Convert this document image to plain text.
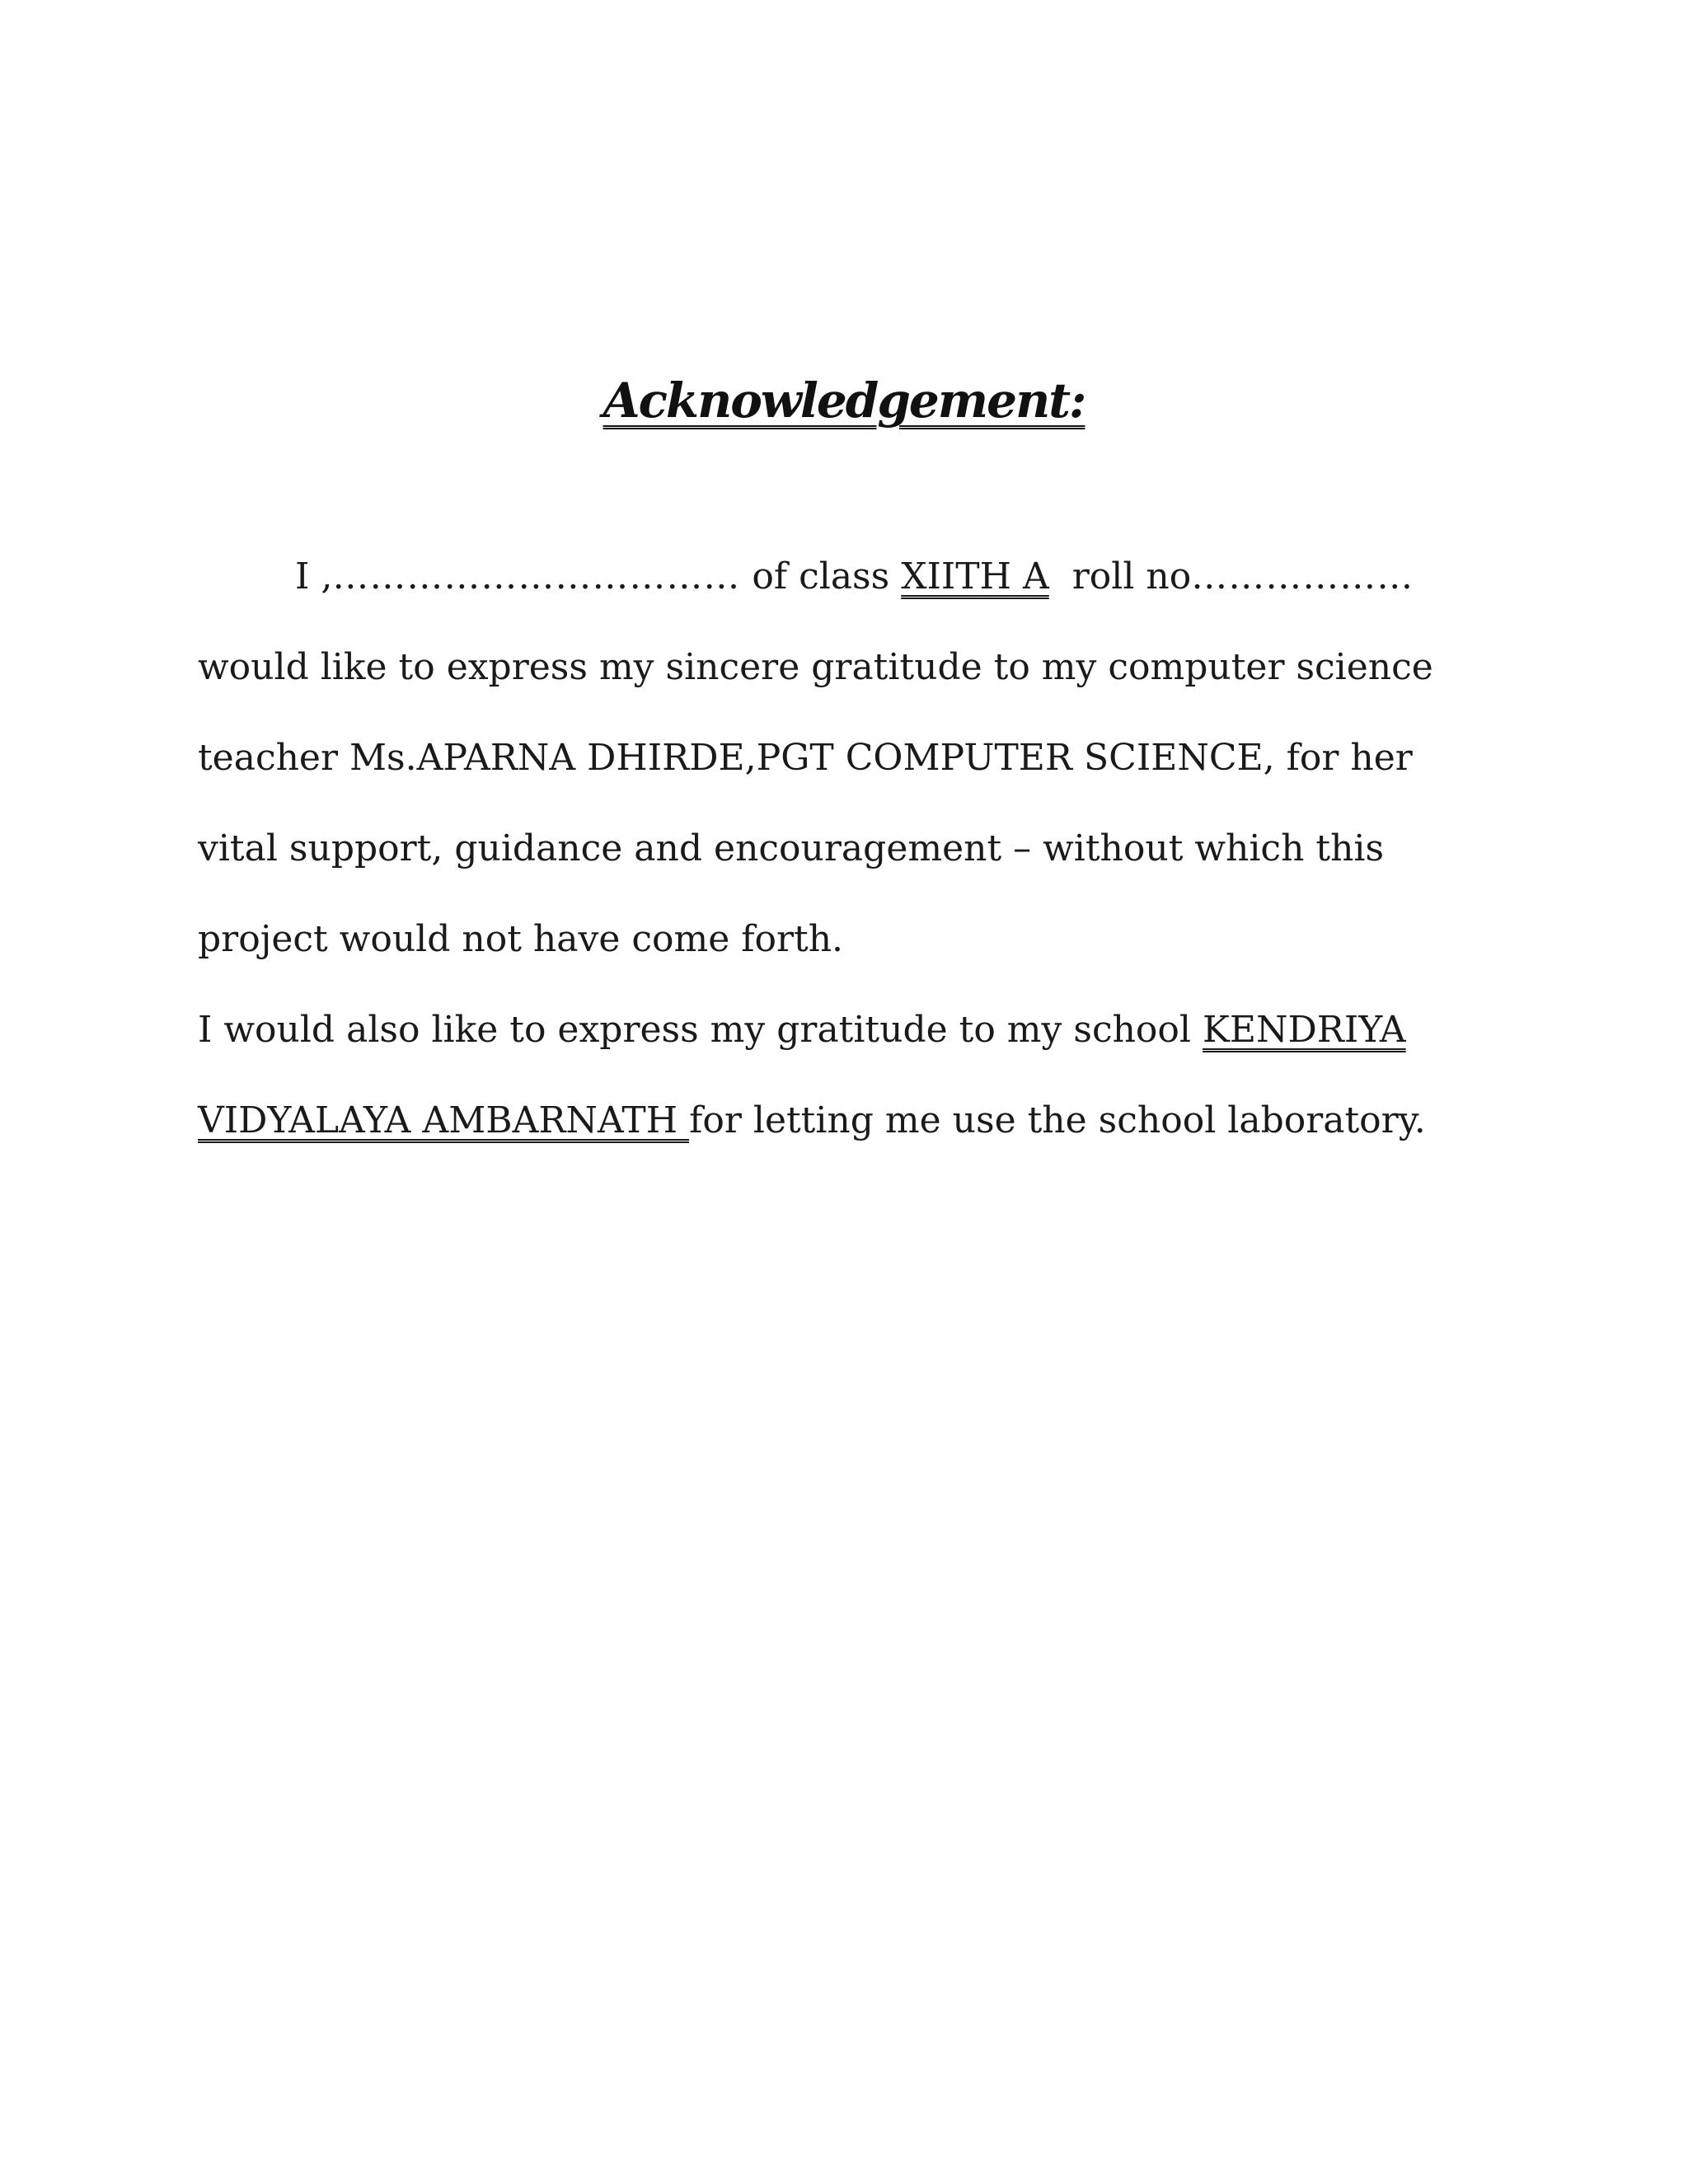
Acknowledgement:
I ,…………………………… of class XIITH A  roll no………………
would like to express my sincere gratitude to my computer science
teacher Ms.APARNA DHIRDE,PGT COMPUTER SCIENCE, for her
vital support, guidance and encouragement – without which this
project would not have come forth.
I would also like to express my gratitude to my school KENDRIYA
VIDYALAYA AMBARNATH for letting me use the school laboratory.
